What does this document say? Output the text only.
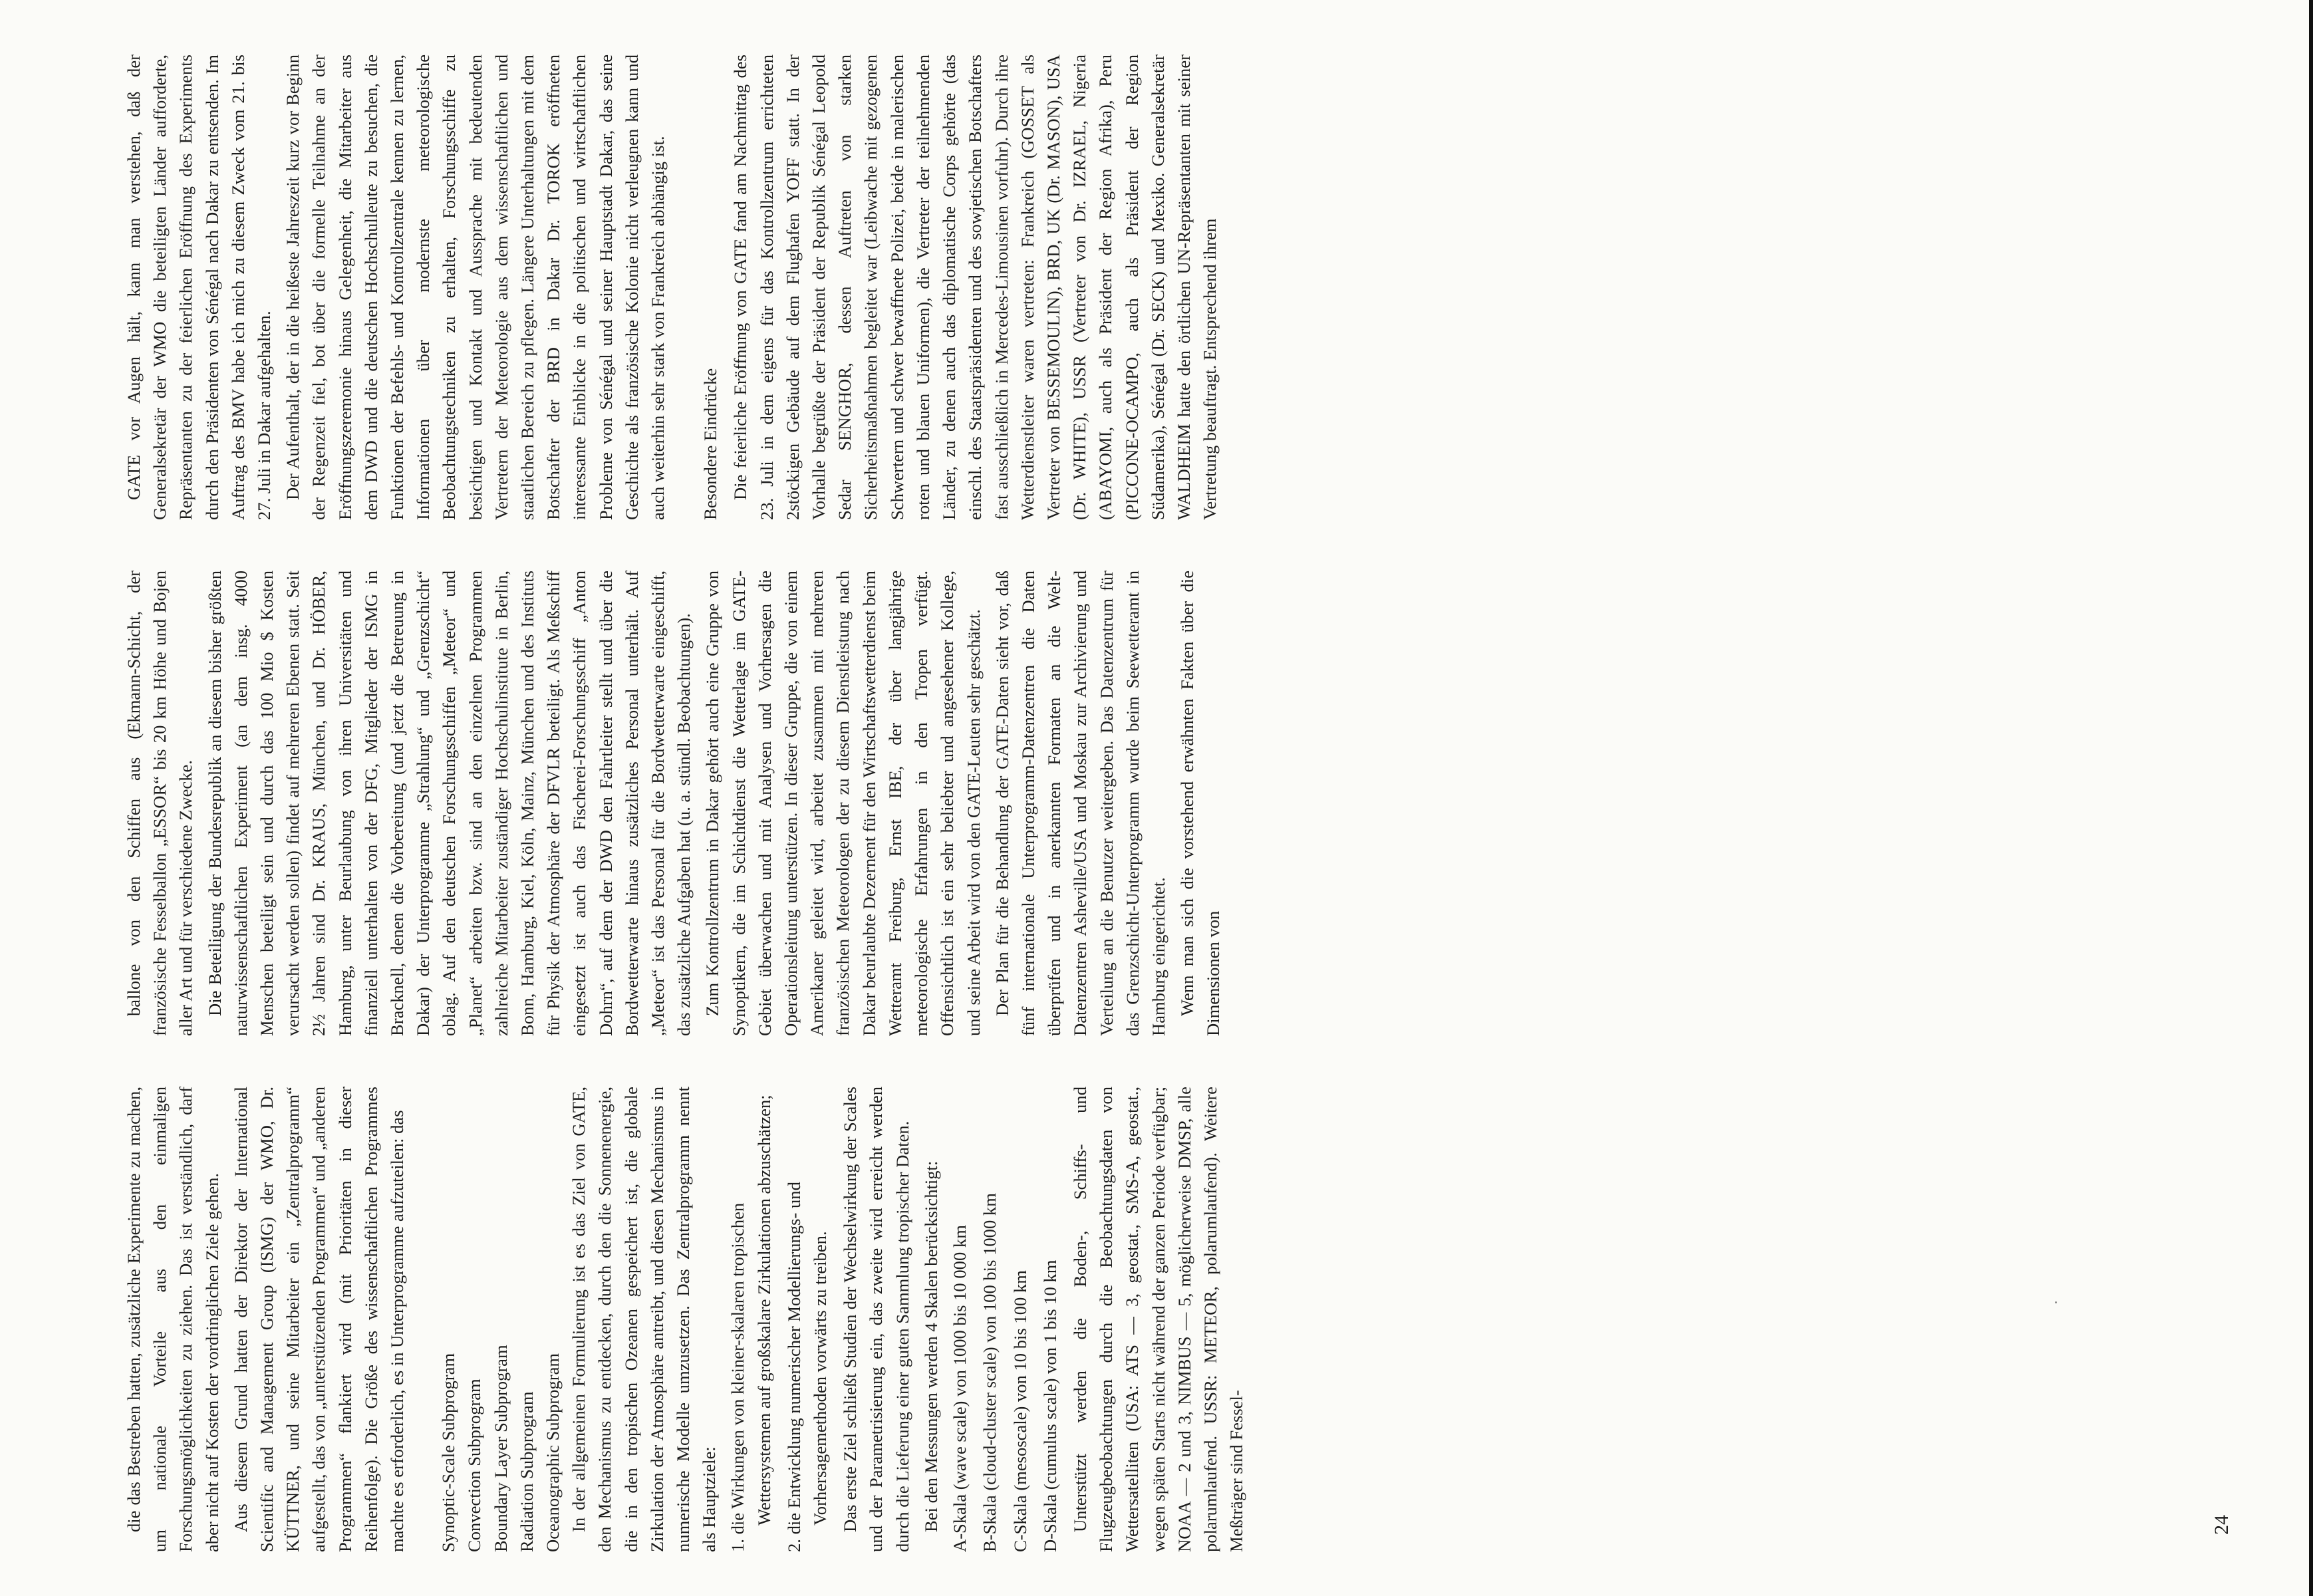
die das Bestreben hatten, zusätzliche Experimente zu machen, um nationale Vorteile aus den einmaligen Forschungsmöglichkeiten zu ziehen. Das ist verständlich, darf aber nicht auf Kosten der vordringlichen Ziele gehen. Aus diesem Grund hatten der Direktor der International Scientific and Management Group (ISMG) der WMO, Dr. KÜTTNER, und seine Mitarbeiter ein „Zentralprogramm“ aufgestellt, das von „unterstützenden Programmen“ und „anderen Programmen“ flankiert wird (mit Prioritäten in dieser Reihenfolge). Die Größe des wissenschaftlichen Programmes machte es erforderlich, es in Unterprogramme aufzuteilen: das Synoptic-Scale Subprogram Convection Subprogram Boundary Layer Subprogram Radiation Subprogram Oceanographic Subprogram In der allgemeinen Formulierung ist es das Ziel von GATE, den Mechanismus zu entdecken, durch den die Sonnenenergie, die in den tropischen Ozeanen gespeichert ist, die globale Zirkulation der Atmosphäre antreibt, und diesen Mechanismus in numerische Modelle umzusetzen. Das Zentralprogramm nennt als Hauptziele: 1. die Wirkungen von kleiner-skalaren tropischen Wettersystemen auf großskalare Zirkulationen abzuschätzen; 2. die Entwicklung numerischer Modellierungs- und Vorhersagemethoden vorwärts zu treiben. Das erste Ziel schließt Studien der Wechselwirkung der Scales und der Parametrisierung ein, das zweite wird erreicht werden durch die Lieferung einer guten Sammlung tropischer Daten. Bei den Messungen werden 4 Skalen berücksichtigt: A-Skala (wave scale) von 1000 bis 10 000 km B-Skala (cloud-cluster scale) von 100 bis 1000 km C-Skala (mesoscale) von 10 bis 100 km D-Skala (cumulus scale) von 1 bis 10 km Unterstützt werden die Boden-, Schiffs- und Flugzeugbeobachtungen durch die Beobachtungsdaten von Wettersatelliten (USA: ATS — 3, geostat., SMS-A, geostat., wegen späten Starts nicht während der ganzen Periode verfügbar; NOAA — 2 und 3, NIMBUS — 5, möglicherweise DMSP, alle polarumlaufend. USSR: METEOR, polarumlaufend). Weitere Meßträger sind Fessel-

ballone von den Schiffen aus (Ekmann-Schicht, der französische Fesselballon „ESSOR“ bis 20 km Höhe und Bojen aller Art und für verschiedene Zwecke. Die Beteiligung der Bundesrepublik an diesem bisher größten naturwissenschaftlichen Experiment (an dem insg. 4000 Menschen beteiligt sein und durch das 100 Mio $ Kosten verursacht werden sollen) findet auf mehreren Ebenen statt. Seit 2½ Jahren sind Dr. KRAUS, München, und Dr. HÖBER, Hamburg, unter Beurlaubung von ihren Universitäten und finanziell unterhalten von der DFG, Mitglieder der ISMG in Bracknell, denen die Vorbereitung (und jetzt die Betreuung in Dakar) der Unterprogramme „Strahlung“ und „Grenzschicht“ oblag. Auf den deutschen Forschungsschiffen „Meteor“ und „Planet“ arbeiten bzw. sind an den einzelnen Programmen zahlreiche Mitarbeiter zuständiger Hochschulinstitute in Berlin, Bonn, Hamburg, Kiel, Köln, Mainz, München und des Instituts für Physik der Atmosphäre der DFVLR beteiligt. Als Meßschiff eingesetzt ist auch das Fischerei-Forschungsschiff „Anton Dohrn“, auf dem der DWD den Fahrtleiter stellt und über die Bordwetterwarte hinaus zusätzliches Personal unterhält. Auf „Meteor“ ist das Personal für die Bordwetterwarte eingeschifft, das zusätzliche Aufgaben hat (u. a. stündl. Beobachtungen). Zum Kontrollzentrum in Dakar gehört auch eine Gruppe von Synoptikern, die im Schichtdienst die Wetterlage im GATE-Gebiet überwachen und mit Analysen und Vorhersagen die Operationsleitung unterstützen. In dieser Gruppe, die von einem Amerikaner geleitet wird, arbeitet zusammen mit mehreren französischen Meteorologen der zu diesem Dienstleistung nach Dakar beurlaubte Dezernent für den Wirtschaftswetterdienst beim Wetteramt Freiburg, Ernst IBE, der über langjährige meteorologische Erfahrungen in den Tropen verfügt. Offensichtlich ist ein sehr beliebter und angesehener Kollege, und seine Arbeit wird von den GATE-Leuten sehr geschätzt. Der Plan für die Behandlung der GATE-Daten sieht vor, daß fünf internationale Unterprogramm-Datenzentren die Daten überprüfen und in anerkannten Formaten an die Welt-Datenzentren Asheville/USA und Moskau zur Archivierung und Verteilung an die Benutzer weitergeben. Das Datenzentrum für das Grenzschicht-Unterprogramm wurde beim Seewetteramt in Hamburg eingerichtet. Wenn man sich die vorstehend erwähnten Fakten über die Dimensionen von

GATE vor Augen hält, kann man verstehen, daß der Generalsekretär der WMO die beteiligten Länder aufforderte, Repräsentanten zu der feierlichen Eröffnung des Experiments durch den Präsidenten von Sénégal nach Dakar zu entsenden. Im Auftrag des BMV habe ich mich zu diesem Zweck vom 21. bis 27. Juli in Dakar aufgehalten. Der Aufenthalt, der in die heißeste Jahreszeit kurz vor Beginn der Regenzeit fiel, bot über die formelle Teilnahme an der Eröffnungszeremonie hinaus Gelegenheit, die Mitarbeiter aus dem DWD und die deutschen Hochschulleute zu besuchen, die Funktionen der Befehls- und Kontrollzentrale kennen zu lernen, Informationen über modernste meteorologische Beobachtungstechniken zu erhalten, Forschungsschiffe zu besichtigen und Kontakt und Aussprache mit bedeutenden Vertretern der Meteorologie aus dem wissenschaftlichen und staatlichen Bereich zu pflegen. Längere Unterhaltungen mit dem Botschafter der BRD in Dakar Dr. TOROK eröffneten interessante Einblicke in die politischen und wirtschaftlichen Probleme von Sénégal und seiner Hauptstadt Dakar, das seine Geschichte als französische Kolonie nicht verleugnen kann und auch weiterhin sehr stark von Frankreich abhängig ist. Besondere Eindrücke Die feierliche Eröffnung von GATE fand am Nachmittag des 23. Juli in dem eigens für das Kontrollzentrum errichteten 2stöckigen Gebäude auf dem Flughafen YOFF statt. In der Vorhalle begrüßte der Präsident der Republik Sénégal Leopold Sedar SENGHOR, dessen Auftreten von starken Sicherheitsmaßnahmen begleitet war (Leibwache mit gezogenen Schwertern und schwer bewaffnete Polizei, beide in malerischen roten und blauen Uniformen), die Vertreter der teilnehmenden Länder, zu denen auch das diplomatische Corps gehörte (das einschl. des Staatspräsidenten und des sowjetischen Botschafters fast ausschließlich in Mercedes-Limousinen vorfuhr). Durch ihre Wetterdienstleiter waren vertreten: Frankreich (GOSSET als Vertreter von BESSEMOULIN), BRD, UK (Dr. MASON), USA (Dr. WHITE), USSR (Vertreter von Dr. IZRAEL, Nigeria (ABAYOMI, auch als Präsident der Region Afrika), Peru (PICCONE-OCAMPO, auch als Präsident der Region Südamerika), Sénégal (Dr. SECK) und Mexiko. Generalsekretär WALDHEIM hatte den örtlichen UN-Repräsentanten mit seiner Vertretung beauftragt. Entsprechend ihrem

24
